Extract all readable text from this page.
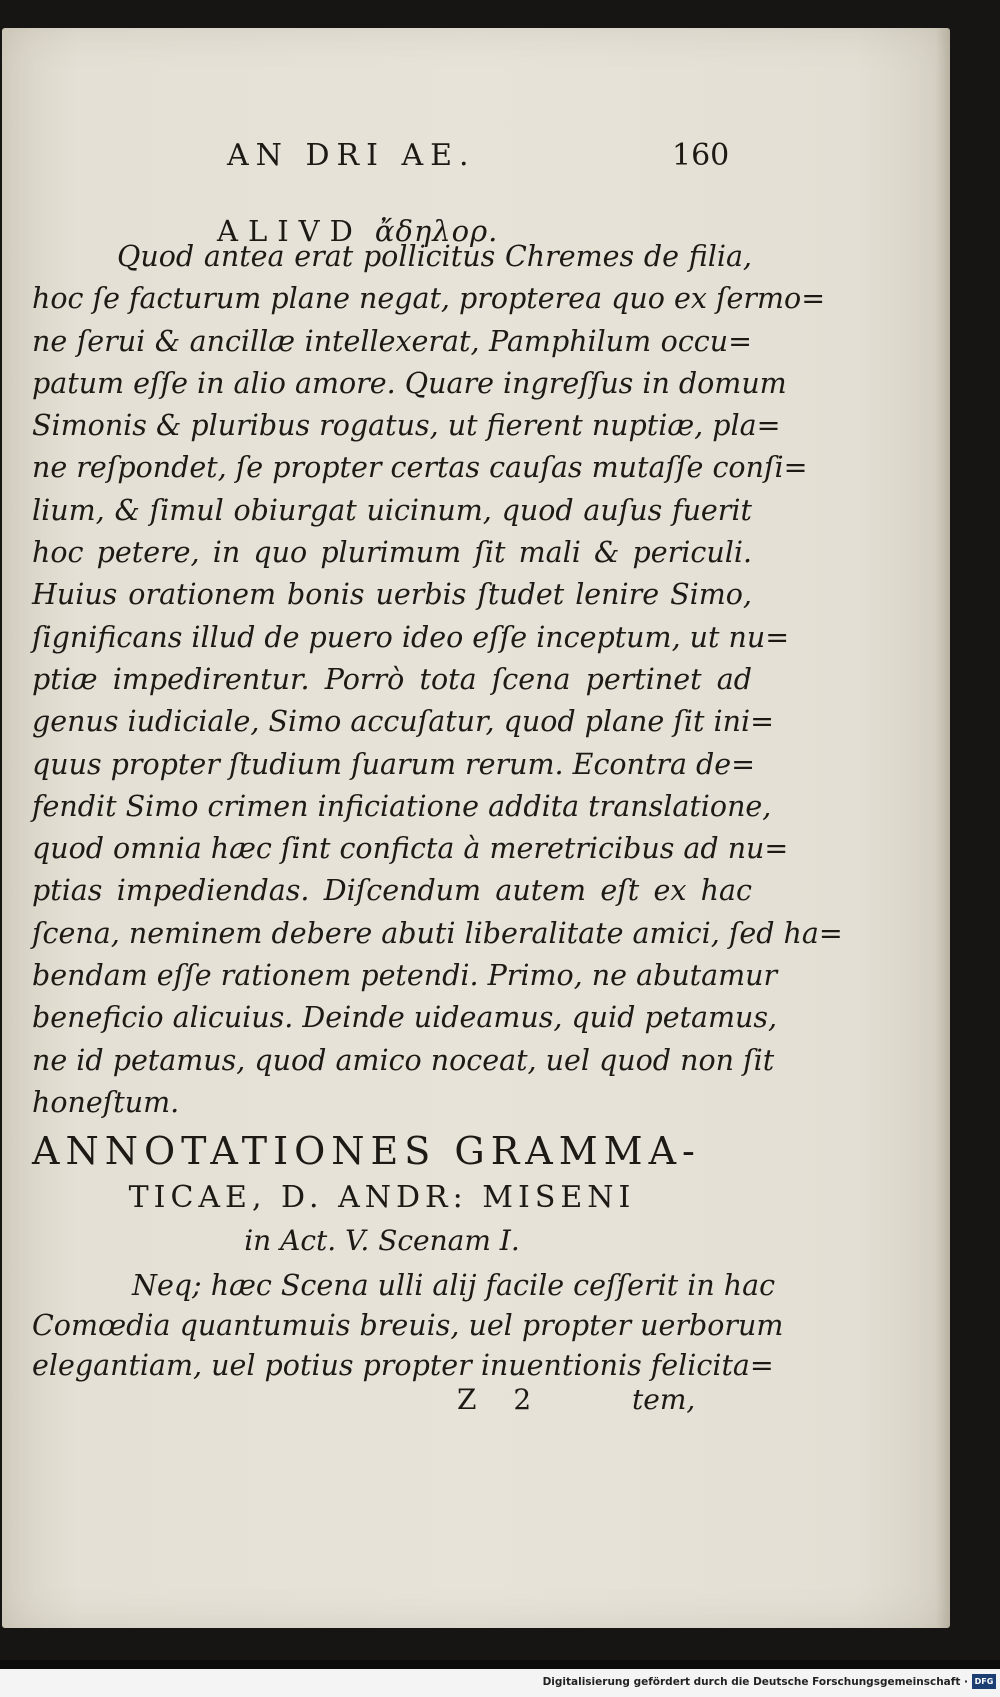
AN DRI AE.	160
ALIVD ἄδηλορ.
Quod antea erat pollicitus Chremes de filia,
hoc ſe facturum plane negat, propterea quo ex ſermo=
ne ſerui & ancillæ intellexerat, Pamphilum occu=
patum eſſe in alio amore. Quare ingreſſus in domum
Simonis & pluribus rogatus, ut fierent nuptiæ, pla=
ne reſpondet, ſe propter certas cauſas mutaſſe conſi=
lium, & ſimul obiurgat uicinum, quod auſus fuerit
hoc petere, in quo plurimum ſit mali & periculi.
Huius orationem bonis uerbis ſtudet lenire Simo,
ſignificans illud de puero ideo eſſe inceptum, ut nu=
ptiæ impedirentur. Porrò tota ſcena pertinet ad
genus iudiciale, Simo accuſatur, quod plane ſit ini=
quus propter ſtudium ſuarum rerum. Econtra de=
fendit Simo crimen inficiatione addita translatione,
quod omnia hæc ſint conficta à meretricibus ad nu=
ptias impediendas. Diſcendum autem eſt ex hac
ſcena, neminem debere abuti liberalitate amici, ſed ha=
bendam eſſe rationem petendi. Primo, ne abutamur
beneficio alicuius. Deinde uideamus, quid petamus,
ne id petamus, quod amico noceat, uel quod non ſit
honeſtum.
ANNOTATIONES GRAMMA-
TICAE, D. ANDR: MISENI
in Act. V. Scenam I.
Neq; hæc Scena ulli alij facile ceſſerit in hac
Comœdia quantumuis breuis, uel propter uerborum
elegantiam, uel potius propter inuentionis felicita=
Z 2	tem,
Digitalisierung gefördert durch die Deutsche Forschungsgemeinschaft · DFG
